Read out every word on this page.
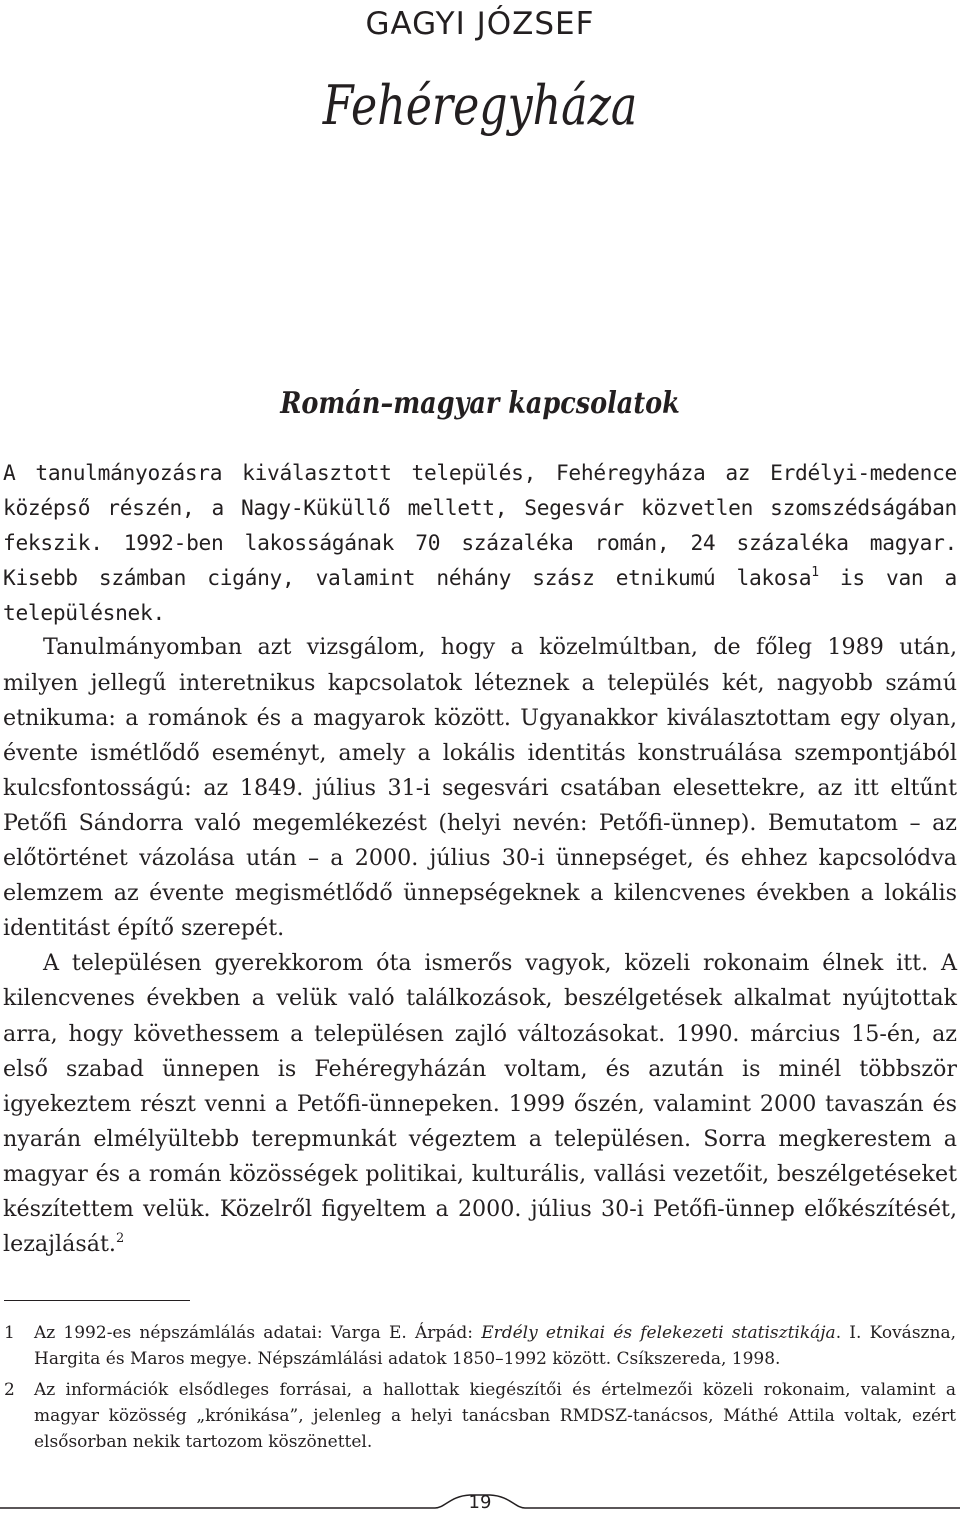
GAGYI JÓZSEF
Fehéregyháza
Román–magyar kapcsolatok

A tanulmányozásra kiválasztott település, Fehéregyháza az Erdélyi-medence középső részén, a Nagy-Küküllő mellett, Segesvár közvetlen szomszédságában fekszik. 1992-ben lakosságának 70 százaléka román, 24 százaléka magyar. Kisebb számban cigány, valamint néhány szász etnikumú lakosa$^1$ is van a településnek.

Tanulmányomban azt vizsgálom, hogy a közelmúltban, de főleg 1989 után, milyen jellegű interetnikus kapcsolatok léteznek a település két, nagyobb számú etnikuma: a románok és a magyarok között. Ugyanakkor kiválasztottam egy olyan, évente ismétlődő eseményt, amely a lokális identitás konstruálása szempontjából kulcsfontosságú: az 1849. július 31-i segesvári csatában elesettekre, az itt eltűnt Petőfi Sándorra való megemlékezést (helyi nevén: Petőfi-ünnep). Bemutatom – az előtörténet vázolása után – a 2000. július 30-i ünnepséget, és ehhez kapcsolódva elemzem az évente megismétlődő ünnepségeknek a kilencvenes években a lokális identitást építő szerepét.

A településen gyerekkorom óta ismerős vagyok, közeli rokonaim élnek itt. A kilencvenes években a velük való találkozások, beszélgetések alkalmat nyújtottak arra, hogy követhessem a településen zajló változásokat. 1990. március 15-én, az első szabad ünnepen is Fehéregyházán voltam, és azután is minél többször igyekeztem részt venni a Petőfi-ünnepeken. 1999 őszén, valamint 2000 tavaszán és nyarán elmélyültebb terepmunkát végeztem a településen. Sorra megkerestem a magyar és a román közösségek politikai, kulturális, vallási vezetőit, beszélgetéseket készítettem velük. Közelről figyeltem a 2000. július 30-i Petőfi-ünnep előkészítését, lezajlását.$^2$

1	Az 1992-es népszámlálás adatai: Varga E. Árpád: Erdély etnikai és felekezeti statisztikája. I. Kovászna, Hargita és Maros megye. Népszámlálási adatok 1850–1992 között. Csíkszereda, 1998.
2	Az információk elsődleges forrásai, a hallottak kiegészítői és értelmezői közeli rokonaim, valamint a magyar közösség „krónikása”, jelenleg a helyi tanácsban RMDSZ-tanácsos, Máthé Attila voltak, ezért elsősorban nekik tartozom köszönettel.
19
